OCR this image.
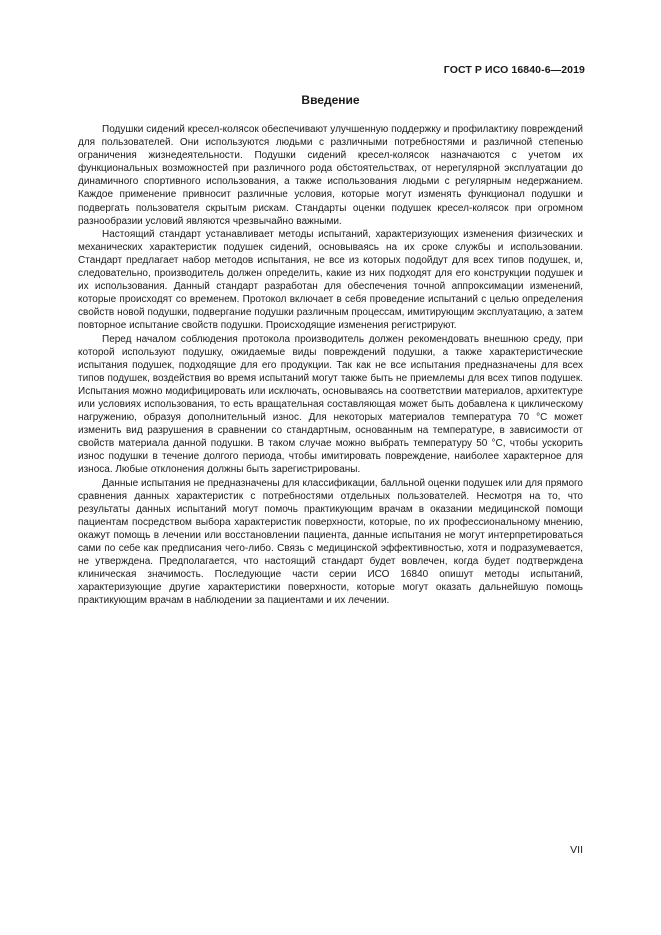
ГОСТ Р ИСО 16840-6—2019
Введение

Подушки сидений кресел-колясок обеспечивают улучшенную поддержку и профилактику повреждений для пользователей. Они используются людьми с различными потребностями и различной степенью ограничения жизнедеятельности. Подушки сидений кресел-колясок назначаются с учетом их функциональных возможностей при различного рода обстоятельствах, от нерегулярной эксплуатации до динамичного спортивного использования, а также использования людьми с регулярным недержанием. Каждое применение привносит различные условия, которые могут изменять функционал подушки и подвергать пользователя скрытым рискам. Стандарты оценки подушек кресел-колясок при огромном разнообразии условий являются чрезвычайно важными.

Настоящий стандарт устанавливает методы испытаний, характеризующих изменения физических и механических характеристик подушек сидений, основываясь на их сроке службы и использовании. Стандарт предлагает набор методов испытания, не все из которых подойдут для всех типов подушек, и, следовательно, производитель должен определить, какие из них подходят для его конструкции подушек и их использования. Данный стандарт разработан для обеспечения точной аппроксимации изменений, которые происходят со временем. Протокол включает в себя проведение испытаний с целью определения свойств новой подушки, подвергание подушки различным процессам, имитирующим эксплуатацию, а затем повторное испытание свойств подушки. Происходящие изменения регистрируют.

Перед началом соблюдения протокола производитель должен рекомендовать внешнюю среду, при которой используют подушку, ожидаемые виды повреждений подушки, а также характеристические испытания подушек, подходящие для его продукции. Так как не все испытания предназначены для всех типов подушек, воздействия во время испытаний могут также быть не приемлемы для всех типов подушек. Испытания можно модифицировать или исключать, основываясь на соответствии материалов, архитектуре или условиях использования, то есть вращательная составляющая может быть добавлена к циклическому нагружению, образуя дополнительный износ. Для некоторых материалов температура 70 °С может изменить вид разрушения в сравнении со стандартным, основанным на температуре, в зависимости от свойств материала данной подушки. В таком случае можно выбрать температуру 50 °С, чтобы ускорить износ подушки в течение долгого периода, чтобы имитировать повреждение, наиболее характерное для износа. Любые отклонения должны быть зарегистрированы.

Данные испытания не предназначены для классификации, балльной оценки подушек или для прямого сравнения данных характеристик с потребностями отдельных пользователей. Несмотря на то, что результаты данных испытаний могут помочь практикующим врачам в оказании медицинской помощи пациентам посредством выбора характеристик поверхности, которые, по их профессиональному мнению, окажут помощь в лечении или восстановлении пациента, данные испытания не могут интерпретироваться сами по себе как предписания чего-либо. Связь с медицинской эффективностью, хотя и подразумевается, не утверждена. Предполагается, что настоящий стандарт будет вовлечен, когда будет подтверждена клиническая значимость. Последующие части серии ИСО 16840 опишут методы испытаний, характеризующие другие характеристики поверхности, которые могут оказать дальнейшую помощь практикующим врачам в наблюдении за пациентами и их лечении.

VII
